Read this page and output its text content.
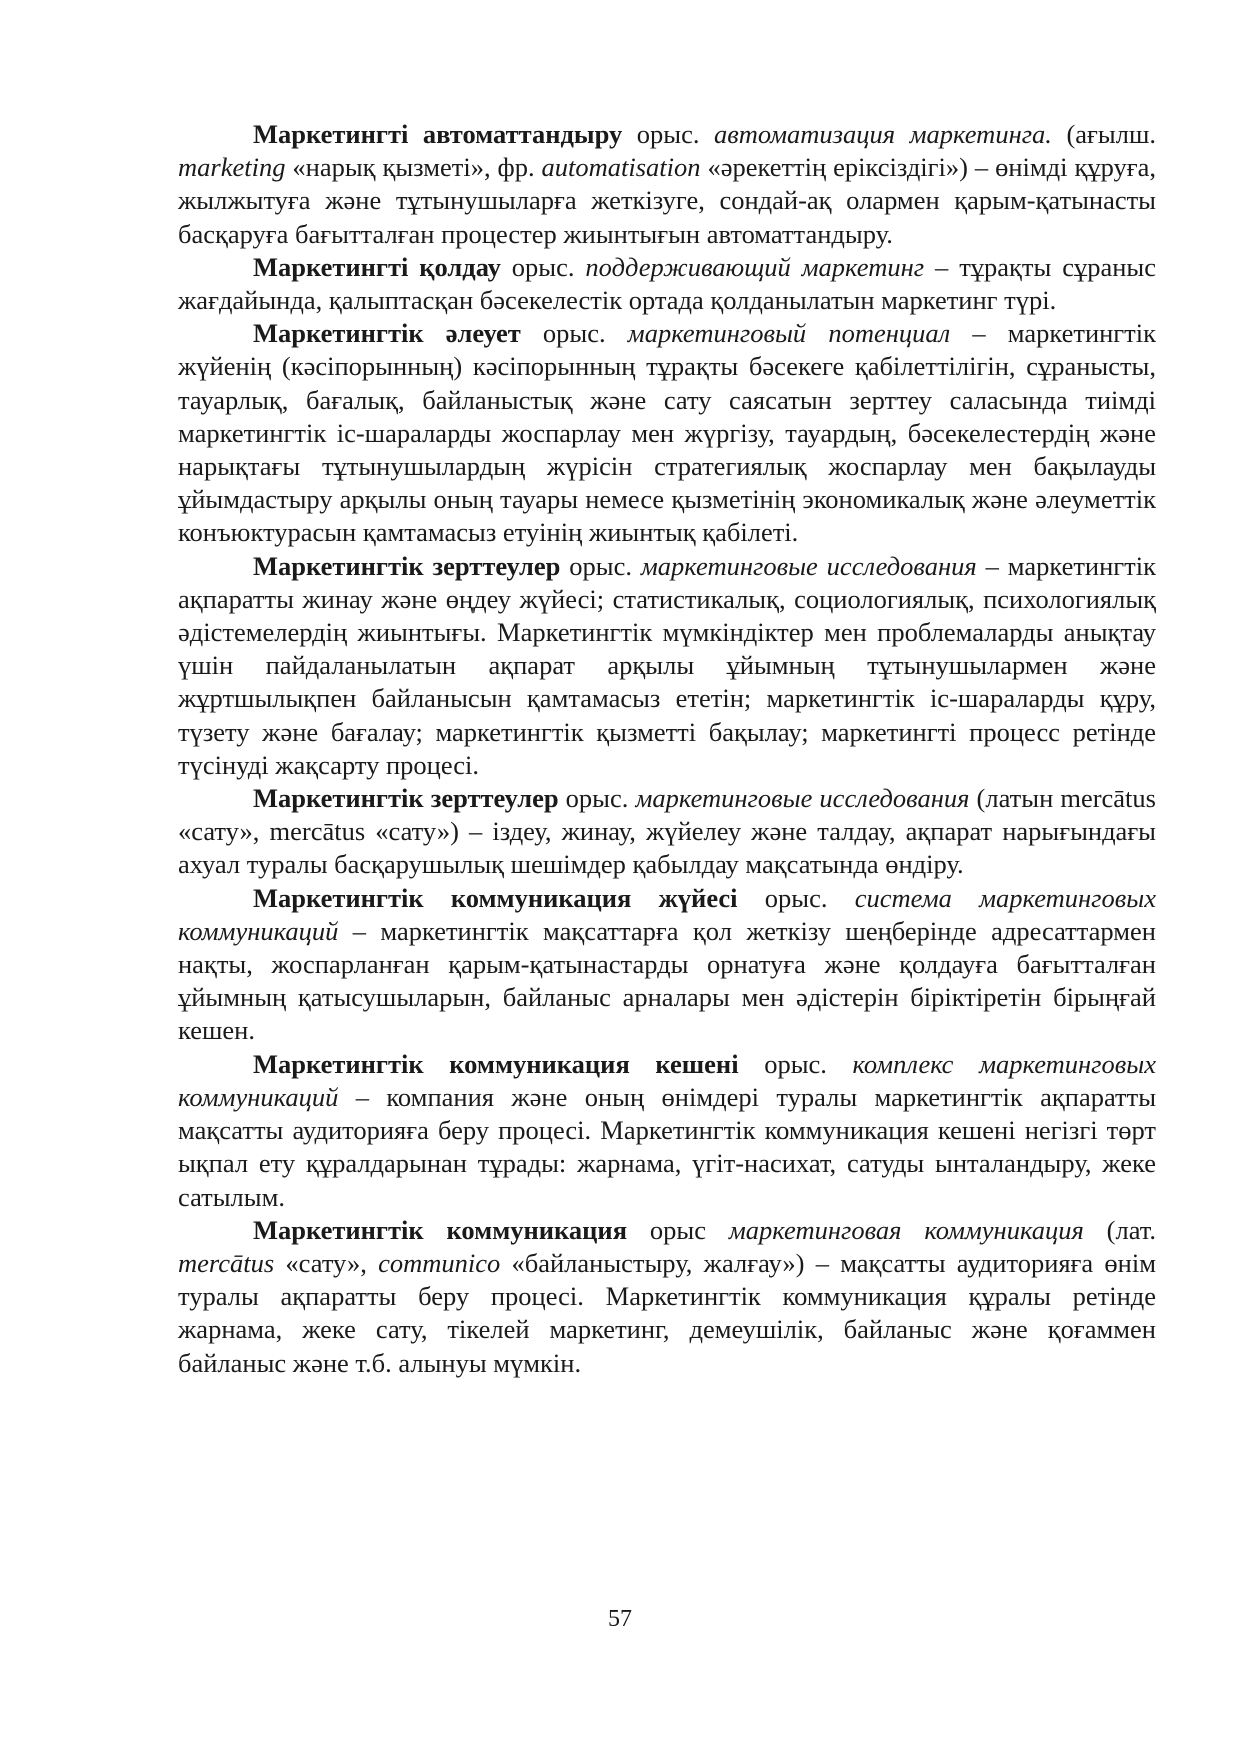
Маркетингті автоматтандыру орыс. автоматизация маркетинга. (ағылш. marketing «нарық қызметі», фр. automatisation «әрекеттің еріксіздігі») – өнімді құруға, жылжытуға және тұтынушыларға жеткізуге, сондай-ақ олармен қарым-қатынасты басқаруға бағытталған процестер жиынтығын автоматтандыру.

Маркетингті қолдау орыс. поддерживающий маркетинг – тұрақты сұраныс жағдайында, қалыптасқан бәсекелестік ортада қолданылатын маркетинг түрі.

Маркетингтік әлеует орыс. маркетинговый потенциал – маркетингтік жүйенің (кәсіпорынның) кәсіпорынның тұрақты бәсекеге қабілеттілігін, сұранысты, тауарлық, бағалық, байланыстық және сату саясатын зерттеу саласында тиімді маркетингтік іс-шараларды жоспарлау мен жүргізу, тауардың, бәсекелестердің және нарықтағы тұтынушылардың жүрісін стратегиялық жоспарлау мен бақылауды ұйымдастыру арқылы оның тауары немесе қызметінің экономикалық және әлеуметтік конъюктурасын қамтамасыз етуінің жиынтық қабілеті.

Маркетингтік зерттеулер орыс. маркетинговые исследования – маркетингтік ақпаратты жинау және өңдеу жүйесі; статистикалық, социологиялық, психологиялық әдістемелердің жиынтығы. Маркетингтік мүмкіндіктер мен проблемаларды анықтау үшін пайдаланылатын ақпарат арқылы ұйымның тұтынушылармен және жұртшылықпен байланысын қамтамасыз ететін; маркетингтік іс-шараларды құру, түзету және бағалау; маркетингтік қызметті бақылау; маркетингті процесс ретінде түсінуді жақсарту процесі.

Маркетингтік зерттеулер орыс. маркетинговые исследования (латын mercātus «сату», mercātus «сату») – іздеу, жинау, жүйелеу және талдау, ақпарат нарығындағы ахуал туралы басқарушылық шешімдер қабылдау мақсатында өндіру.

Маркетингтік коммуникация жүйесі орыс. система маркетинговых коммуникаций – маркетингтік мақсаттарға қол жеткізу шеңберінде адресаттармен нақты, жоспарланған қарым-қатынастарды орнатуға және қолдауға бағытталған ұйымның қатысушыларын, байланыс арналары мен әдістерін біріктіретін бірыңғай кешен.

Маркетингтік коммуникация кешені орыс. комплекс маркетинговых коммуникаций – компания және оның өнімдері туралы маркетингтік ақпаратты мақсатты аудиторияға беру процесі. Маркетингтік коммуникация кешені негізгі төрт ықпал ету құралдарынан тұрады: жарнама, үгіт-насихат, сатуды ынталандыру, жеке сатылым.

Маркетингтік коммуникация орыс маркетинговая коммуникация (лат. mercātus «сату», communico «байланыстыру, жалғау») – мақсатты аудиторияға өнім туралы ақпаратты беру процесі. Маркетингтік коммуникация құралы ретінде жарнама, жеке сату, тікелей маркетинг, демеушілік, байланыс және қоғаммен байланыс және т.б. алынуы мүмкін.

57
